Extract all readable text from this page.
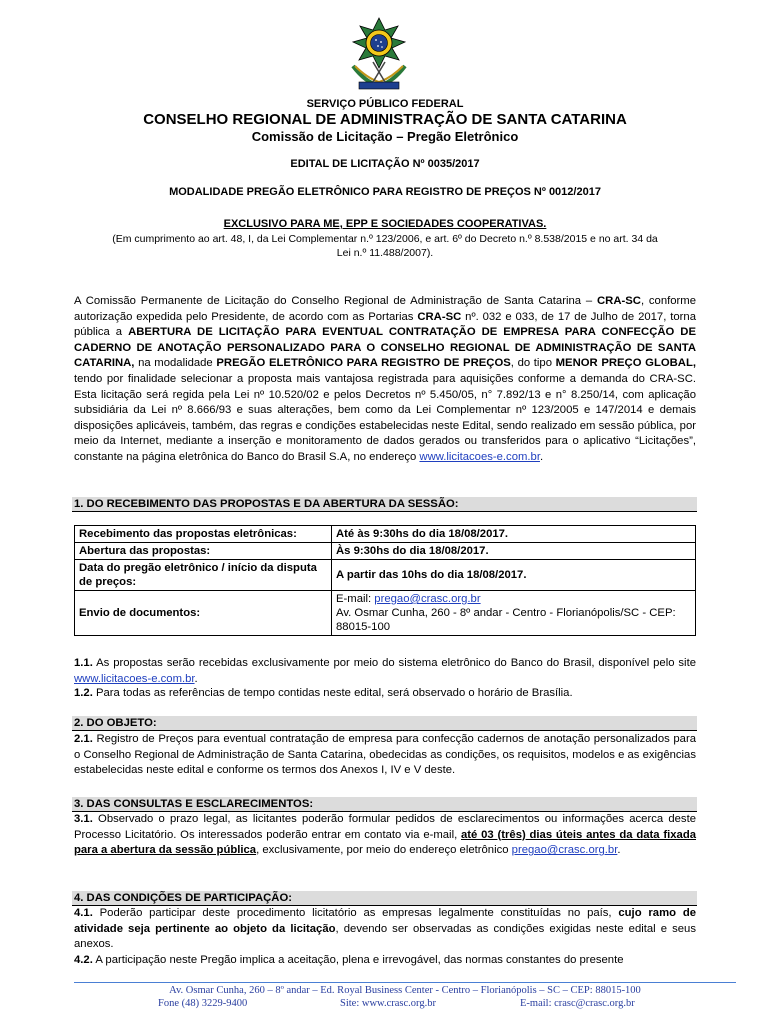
SERVIÇO PÚBLICO FEDERAL
CONSELHO REGIONAL DE ADMINISTRAÇÃO DE SANTA CATARINA
Comissão de Licitação – Pregão Eletrônico
EDITAL DE LICITAÇÃO Nº 0035/2017
MODALIDADE PREGÃO ELETRÔNICO PARA REGISTRO DE PREÇOS Nº 0012/2017
EXCLUSIVO PARA ME, EPP E SOCIEDADES COOPERATIVAS.
(Em cumprimento ao art. 48, I, da Lei Complementar n.º 123/2006, e art. 6º do Decreto n.º 8.538/2015 e no art. 34 da
Lei n.º 11.488/2007).
A Comissão Permanente de Licitação do Conselho Regional de Administração de Santa Catarina – CRA-SC, conforme autorização expedida pelo Presidente, de acordo com as Portarias CRA-SC nº. 032 e 033, de 17 de Julho de 2017, torna pública a ABERTURA DE LICITAÇÃO PARA EVENTUAL CONTRATAÇÃO DE EMPRESA PARA CONFECÇÃO DE CADERNO DE ANOTAÇÃO PERSONALIZADO PARA O CONSELHO REGIONAL DE ADMINISTRAÇÃO DE SANTA CATARINA, na modalidade PREGÃO ELETRÔNICO PARA REGISTRO DE PREÇOS, do tipo MENOR PREÇO GLOBAL, tendo por finalidade selecionar a proposta mais vantajosa registrada para aquisições conforme a demanda do CRA-SC. Esta licitação será regida pela Lei nº 10.520/02 e pelos Decretos nº 5.450/05, n° 7.892/13 e n° 8.250/14, com aplicação subsidiária da Lei nº 8.666/93 e suas alterações, bem como da Lei Complementar nº 123/2005 e 147/2014 e demais disposições aplicáveis, também, das regras e condições estabelecidas neste Edital, sendo realizado em sessão pública, por meio da Internet, mediante a inserção e monitoramento de dados gerados ou transferidos para o aplicativo “Licitações”, constante na página eletrônica do Banco do Brasil S.A, no endereço www.licitacoes-e.com.br.
1. DO RECEBIMENTO DAS PROPOSTAS E DA ABERTURA DA SESSÃO:
Recebimento das propostas eletrônicas:	Até às 9:30hs do dia 18/08/2017.
Abertura das propostas:	Às 9:30hs do dia 18/08/2017.
Data do pregão eletrônico / início da disputa de preços:	A partir das 10hs do dia 18/08/2017.
Envio de documentos:	E-mail: pregao@crasc.org.br
Av. Osmar Cunha, 260 - 8º andar - Centro - Florianópolis/SC - CEP: 88015-100
1.1. As propostas serão recebidas exclusivamente por meio do sistema eletrônico do Banco do Brasil, disponível pelo site www.licitacoes-e.com.br.
1.2. Para todas as referências de tempo contidas neste edital, será observado o horário de Brasília.
2. DO OBJETO:
2.1. Registro de Preços para eventual contratação de empresa para confecção cadernos de anotação personalizados para o Conselho Regional de Administração de Santa Catarina, obedecidas as condições, os requisitos, modelos e as exigências estabelecidas neste edital e conforme os termos dos Anexos I, IV e V deste.
3. DAS CONSULTAS E ESCLARECIMENTOS:
3.1. Observado o prazo legal, as licitantes poderão formular pedidos de esclarecimentos ou informações acerca deste Processo Licitatório. Os interessados poderão entrar em contato via e-mail, até 03 (três) dias úteis antes da data fixada para a abertura da sessão pública, exclusivamente, por meio do endereço eletrônico pregao@crasc.org.br.
4. DAS CONDIÇÕES DE PARTICIPAÇÃO:
4.1. Poderão participar deste procedimento licitatório as empresas legalmente constituídas no país, cujo ramo de atividade seja pertinente ao objeto da licitação, devendo ser observadas as condições exigidas neste edital e seus anexos.
4.2. A participação neste Pregão implica a aceitação, plena e irrevogável, das normas constantes do presente
Av. Osmar Cunha, 260 – 8º andar – Ed. Royal Business Center - Centro – Florianópolis – SC – CEP: 88015-100
Fone (48) 3229-9400	Site: www.crasc.org.br	E-mail: crasc@crasc.org.br
